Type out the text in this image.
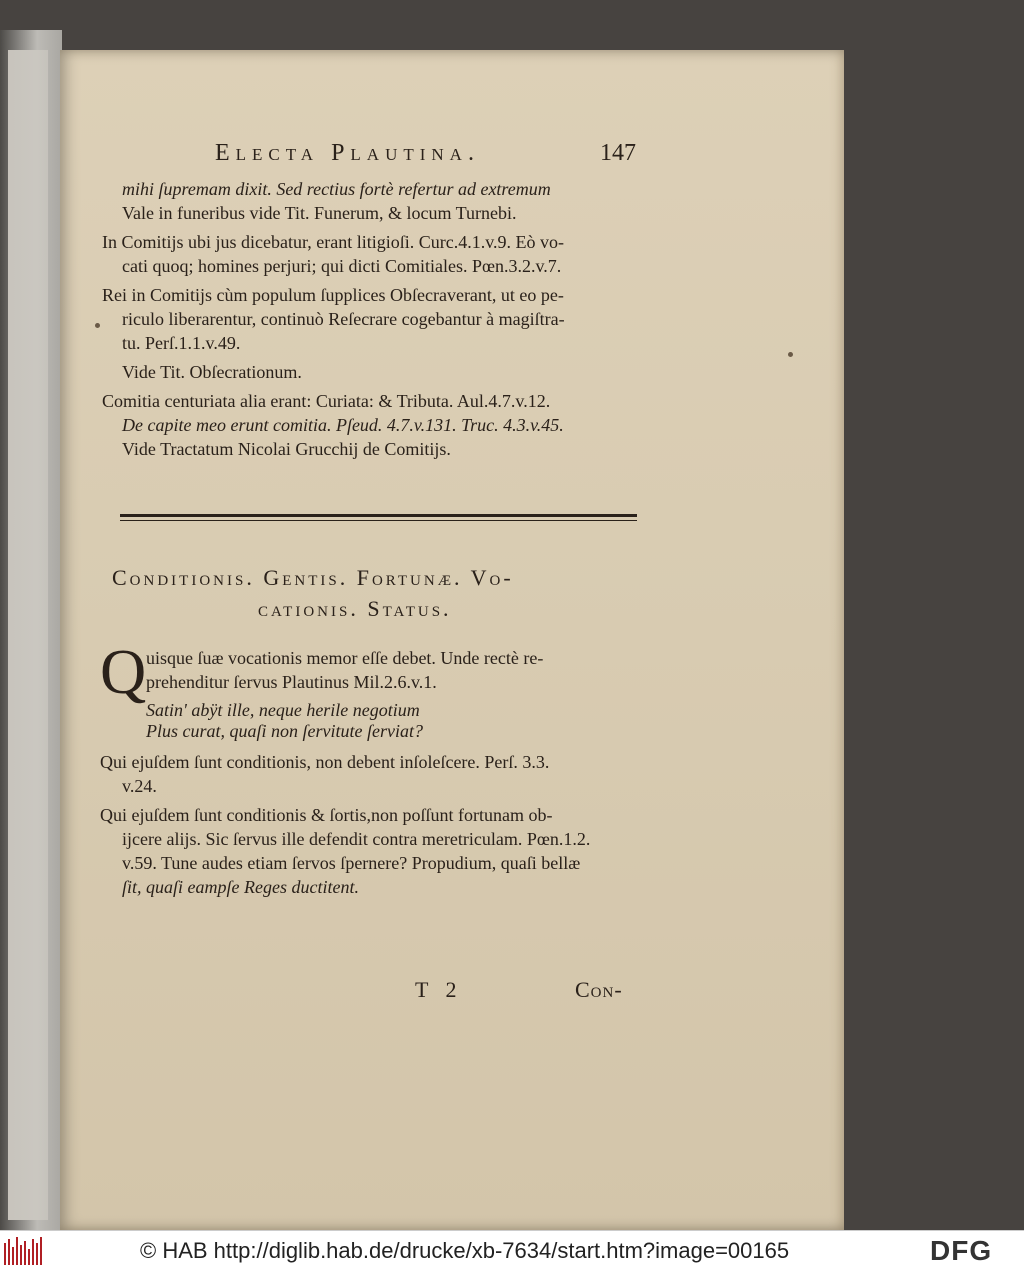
Electa Plautina.	147
mihi ſupremam dixit. Sed rectius fortè refertur ad extremum
Vale in funeribus vide Tit. Funerum, & locum Turnebi.
In Comitijs ubi jus dicebatur, erant litigioſi. Curc.4.1.v.9. Eò vo-
cati quoq; homines perjuri; qui dicti Comitiales. Pœn.3.2.v.7.
Rei in Comitijs cùm populum ſupplices Obſecraverant, ut eo pe-
riculo liberarentur, continuò Reſecrare cogebantur à magiſtra-
tu. Perſ.1.1.v.49.
Vide Tit. Obſecrationum.
Comitia centuriata alia erant: Curiata: & Tributa. Aul.4.7.v.12.
De capite meo erunt comitia. Pſeud. 4.7.v.131. Truc. 4.3.v.45.
Vide Tractatum Nicolai Grucchij de Comitijs.
Conditionis. Gentis. Fortunæ. Vo-
cationis. Status.
Q uisque ſuæ vocationis memor eſſe debet. Unde rectè re-
prehenditur ſervus Plautinus Mil.2.6.v.1.
Satin' abÿt ille, neque herile negotium
Plus curat, quaſi non ſervitute ſerviat?
Qui ejuſdem ſunt conditionis, non debent inſoleſcere. Perſ. 3.3.
v.24.
Qui ejuſdem ſunt conditionis & ſortis,non poſſunt fortunam ob-
ijcere alijs. Sic ſervus ille defendit contra meretriculam. Pœn.1.2.
v.59. Tune audes etiam ſervos ſpernere? Propudium, quaſi bellæ
ſit, quaſi eampſe Reges ductitent.
T 2	Con-
© HAB http://diglib.hab.de/drucke/xb-7634/start.htm?image=00165	DFG
